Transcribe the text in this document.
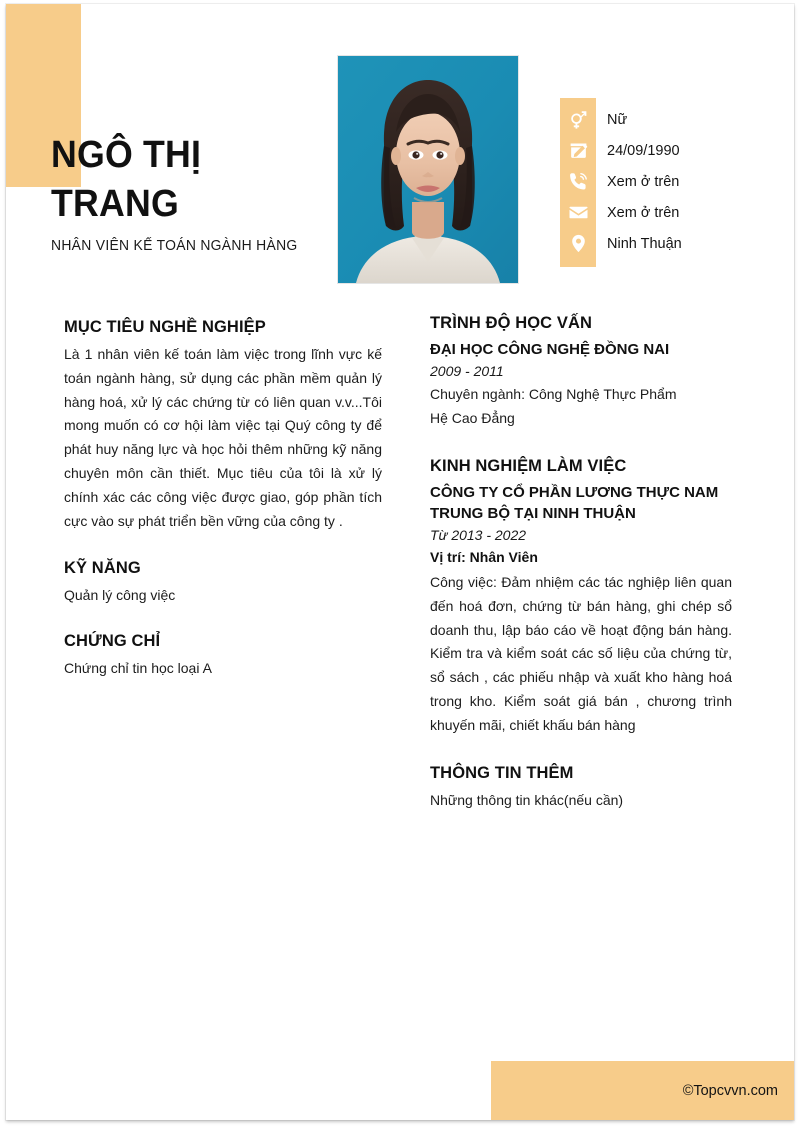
NGÔ THỊ
TRANG
NHÂN VIÊN KẾ TOÁN NGÀNH HÀNG
Nữ
24/09/1990
Xem ở trên
Xem ở trên
Ninh Thuận
MỤC TIÊU NGHỀ NGHIỆP

Là 1 nhân viên kế toán làm việc trong lĩnh vực kế toán ngành hàng, sử dụng các phần mềm quản lý hàng hoá, xử lý các chứng từ có liên quan v.v...Tôi mong muốn có cơ hội làm việc tại Quý công ty để phát huy năng lực và học hỏi thêm những kỹ năng chuyên môn cần thiết. Mục tiêu của tôi là xử lý chính xác các công việc được giao, góp phần tích cực vào sự phát triển bền vững của công ty .

KỸ NĂNG
Quản lý công việc
CHỨNG CHỈ
Chứng chỉ tin học loại A
TRÌNH ĐỘ HỌC VẤN
ĐẠI HỌC CÔNG NGHỆ ĐỒNG NAI
2009 - 2011
Chuyên ngành: Công Nghệ Thực Phẩm
Hệ Cao Đẳng
KINH NGHIỆM LÀM VIỆC
CÔNG TY CỔ PHẦN LƯƠNG THỰC NAM
TRUNG BỘ TẠI NINH THUẬN
Từ 2013 - 2022
Vị trí: Nhân Viên

Công việc: Đảm nhiệm các tác nghiệp liên quan đến hoá đơn, chứng từ bán hàng, ghi chép sổ doanh thu, lập báo cáo về hoạt động bán hàng. Kiểm tra và kiểm soát các số liệu của chứng từ, sổ sách , các phiếu nhập và xuất kho hàng hoá trong kho. Kiểm soát giá bán , chương trình khuyến mãi, chiết khấu bán hàng

THÔNG TIN THÊM
Những thông tin khác(nếu cần)
©Topcvvn.com
